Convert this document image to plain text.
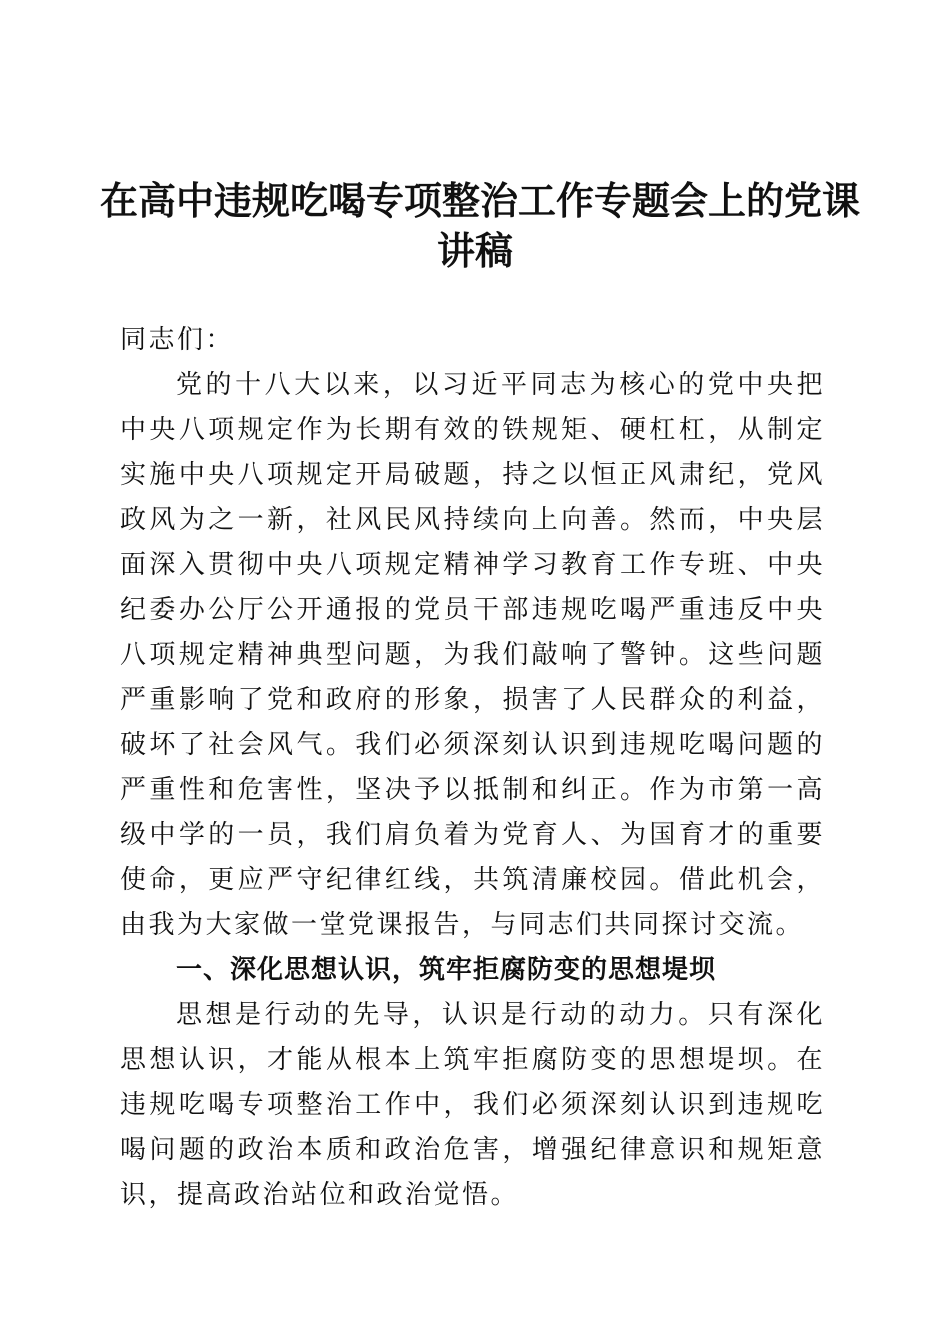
在高中违规吃喝专项整治工作专题会上的党课
讲稿

同志们：

党的十八大以来，以习近平同志为核心的党中央把中央八项规定作为长期有效的铁规矩、硬杠杠，从制定实施中央八项规定开局破题，持之以恒正风肃纪，党风政风为之一新，社风民风持续向上向善。然而，中央层面深入贯彻中央八项规定精神学习教育工作专班、中央纪委办公厅公开通报的党员干部违规吃喝严重违反中央八项规定精神典型问题，为我们敲响了警钟。这些问题严重影响了党和政府的形象，损害了人民群众的利益，破坏了社会风气。我们必须深刻认识到违规吃喝问题的严重性和危害性，坚决予以抵制和纠正。作为市第一高级中学的一员，我们肩负着为党育人、为国育才的重要使命，更应严守纪律红线，共筑清廉校园。借此机会，由我为大家做一堂党课报告，与同志们共同探讨交流。

一、深化思想认识，筑牢拒腐防变的思想堤坝

思想是行动的先导，认识是行动的动力。只有深化思想认识，才能从根本上筑牢拒腐防变的思想堤坝。在违规吃喝专项整治工作中，我们必须深刻认识到违规吃喝问题的政治本质和政治危害，增强纪律意识和规矩意识，提高政治站位和政治觉悟。
